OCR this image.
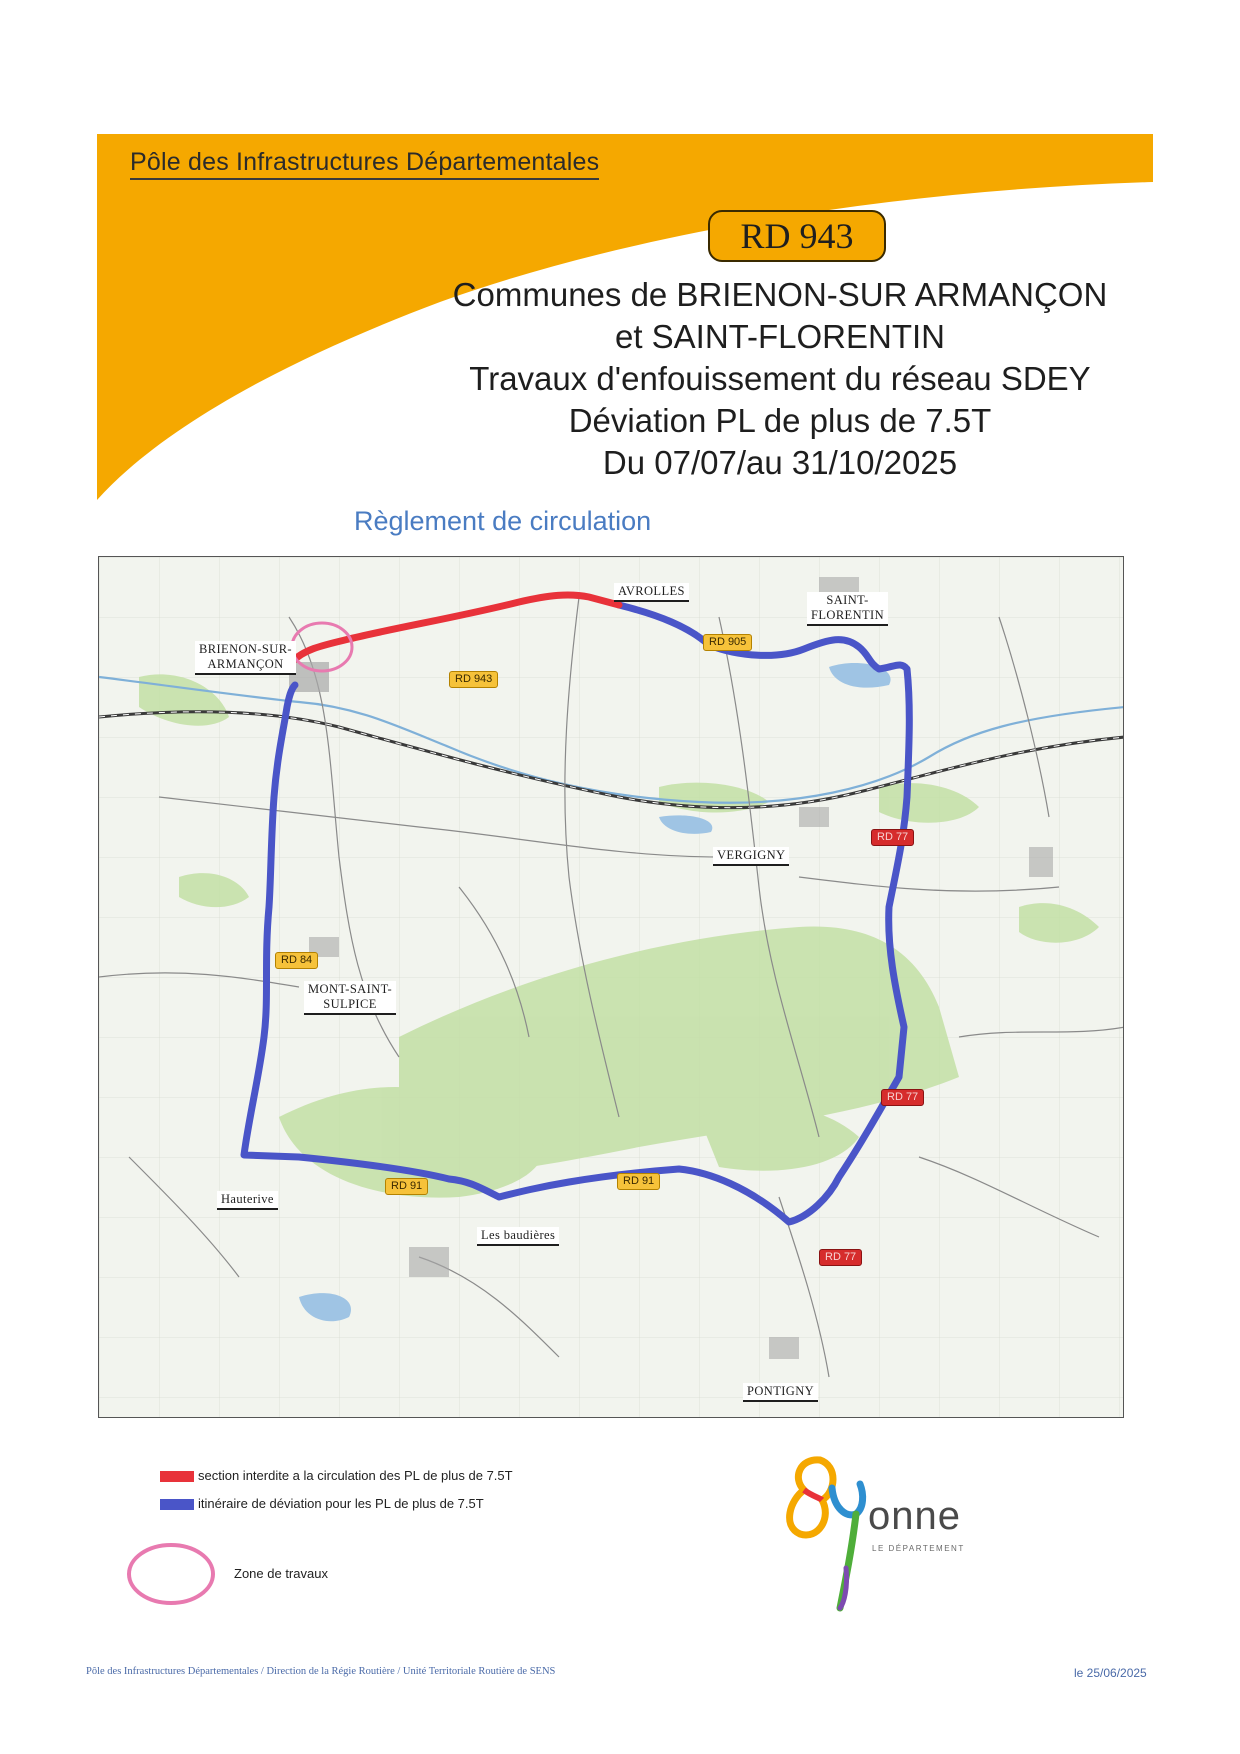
Pôle des Infrastructures Départementales
RD 943
Communes de BRIENON-SUR ARMANÇON
et SAINT-FLORENTIN
Travaux d'enfouissement du réseau SDEY
Déviation PL de plus de 7.5T
Du 07/07/au 31/10/2025
Règlement de circulation
AVROLLES
BRIENON-SUR-
ARMANÇON
SAINT-
FLORENTIN
VERGIGNY
MONT-SAINT-
SULPICE
Hauterive
Les baudières
PONTIGNY
RD 943
RD 905
RD 84
RD 77
RD 77
RD 77
RD 91	RD 91
section interdite a la circulation des PL de plus de 7.5T
itinéraire de déviation pour les PL de plus de 7.5T
Zone de travaux
onne
LE DÉPARTEMENT
Pôle des Infrastructures Départementales / Direction de la Régie Routière / Unité Territoriale Routière de SENS	le 25/06/2025
